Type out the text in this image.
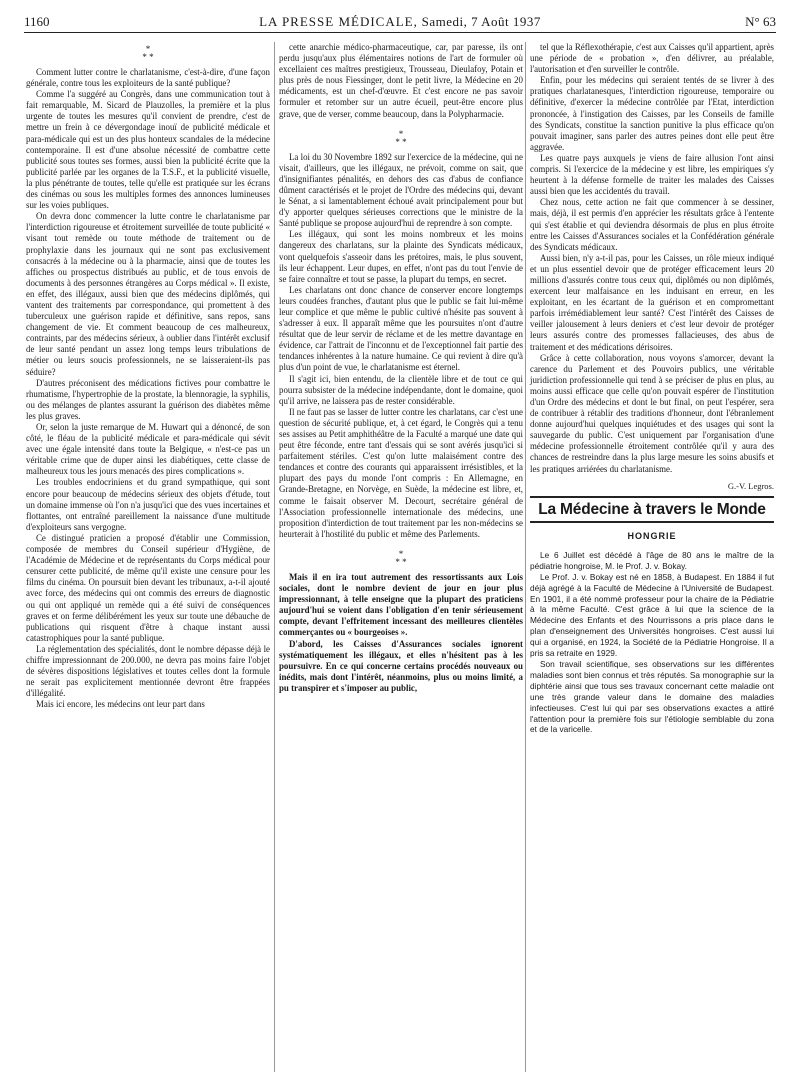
1160	LA PRESSE MÉDICALE, Samedi, 7 Août 1937	N° 63
*
* *

Comment lutter contre le charlatanisme, c'est-à-dire, d'une façon générale, contre tous les exploiteurs de la santé publique?

Comme l'a suggéré au Congrès, dans une communication tout à fait remarquable, M. Sicard de Plauzolles, la première et la plus urgente de toutes les mesures qu'il convient de prendre, c'est de mettre un frein à ce dévergondage inouï de publicité médicale et para-médicale qui est un des plus honteux scandales de la médecine contemporaine. Il est d'une absolue nécessité de combattre cette publicité sous toutes ses formes, aussi bien la publicité écrite que la publicité parlée par les organes de la T.S.F., et la publicité visuelle, la plus pénétrante de toutes, telle qu'elle est pratiquée sur les écrans des cinémas ou sous les multiples formes des annonces lumineuses sur les voies publiques.

On devra donc commencer la lutte contre le charlatanisme par l'interdiction rigoureuse et étroitement surveillée de toute publicité « visant tout remède ou toute méthode de traitement ou de prophylaxie dans les journaux qui ne sont pas exclusivement consacrés à la médecine ou à la pharmacie, ainsi que de toutes les affiches ou prospectus distribués au public, et de tous envois de documents à des personnes étrangères au Corps médical ». Il existe, en effet, des illégaux, aussi bien que des médecins diplômés, qui vantent des traitements par correspondance, qui promettent à des tuberculeux une guérison rapide et définitive, sans repos, sans changement de vie. Et comment beaucoup de ces malheureux, contraints, par des médecins sérieux, à oublier dans l'intérêt exclusif de leur santé pendant un assez long temps leurs tribulations de métier ou leurs soucis professionnels, ne se laisseraient-ils pas séduire?

D'autres préconisent des médications fictives pour combattre le rhumatisme, l'hypertrophie de la prostate, la blennoragie, la syphilis, ou des mélanges de plantes assurant la guérison des diabètes même les plus graves.

Or, selon la juste remarque de M. Huwart qui a dénoncé, de son côté, le fléau de la publicité médicale et para-médicale qui sévit avec une égale intensité dans toute la Belgique, « n'est-ce pas un véritable crime que de duper ainsi les diabétiques, cette classe de malheureux tous les jours menacés des pires complications ».

Les troubles endocriniens et du grand sympathique, qui sont encore pour beaucoup de médecins sérieux des objets d'étude, tout un domaine immense où l'on n'a jusqu'ici que des vues incertaines et flottantes, ont entraîné pareillement la naissance d'une multitude d'exploiteurs sans vergogne.

Ce distingué praticien a proposé d'établir une Commission, composée de membres du Conseil supérieur d'Hygiène, de l'Académie de Médecine et de représentants du Corps médical pour censurer cette publicité, de même qu'il existe une censure pour les films du cinéma. On poursuit bien devant les tribunaux, a-t-il ajouté avec force, des médecins qui ont commis des erreurs de diagnostic ou qui ont appliqué un remède qui a été suivi de conséquences graves et on ferme délibérément les yeux sur toute une débauche de publications qui risquent d'être à chaque instant aussi catastrophiques pour la santé publique.

La réglementation des spécialités, dont le nombre dépasse déjà le chiffre impressionnant de 200.000, ne devra pas moins faire l'objet de sévères dispositions législatives et toutes celles dont la formule ne serait pas explicitement mentionnée devront être frappées d'illégalité.

Mais ici encore, les médecins ont leur part dans

cette anarchie médico-pharmaceutique, car, par paresse, ils ont perdu jusqu'aux plus élémentaires notions de l'art de formuler où excellaient ces maîtres prestigieux, Trousseau, Dieulafoy, Potain et plus près de nous Fiessinger, dont le petit livre, la Médecine en 20 médicaments, est un chef-d'œuvre. Et c'est encore ne pas savoir formuler et retomber sur un autre écueil, peut-être encore plus grave, que de verser, comme beaucoup, dans la Polypharmacie.

*
* *

La loi du 30 Novembre 1892 sur l'exercice de la médecine, qui ne visait, d'ailleurs, que les illégaux, ne prévoit, comme on sait, que d'insignifiantes pénalités, en dehors des cas d'abus de confiance dûment caractérisés et le projet de l'Ordre des médecins qui, devant le Sénat, a si lamentablement échoué avait principalement pour but d'y apporter quelques sérieuses corrections que le ministre de la Santé publique se propose aujourd'hui de reprendre à son compte.

Les illégaux, qui sont les moins nombreux et les moins dangereux des charlatans, sur la plainte des Syndicats médicaux, vont quelquefois s'asseoir dans les prétoires, mais, le plus souvent, ils leur échappent. Leur dupes, en effet, n'ont pas du tout l'envie de se faire connaître et tout se passe, la plupart du temps, en secret.

Les charlatans ont donc chance de conserver encore longtemps leurs coudées franches, d'autant plus que le public se fait lui-même leur complice et que même le public cultivé n'hésite pas souvent à s'adresser à eux. Il apparaît même que les poursuites n'ont d'autre résultat que de leur servir de réclame et de les mettre davantage en évidence, car l'attrait de l'inconnu et de l'exceptionnel fait partie des tendances inhérentes à la nature humaine. Ce qui revient à dire qu'à plus d'un point de vue, le charlatanisme est éternel.

Il s'agit ici, bien entendu, de la clientèle libre et de tout ce qui pourra subsister de la médecine indépendante, dont le domaine, quoi qu'il arrive, ne laissera pas de rester considérable.

Il ne faut pas se lasser de lutter contre les charlatans, car c'est une question de sécurité publique, et, à cet égard, le Congrès qui a tenu ses assises au Petit amphithéâtre de la Faculté a marqué une date qui peut être féconde, entre tant d'essais qui se sont avérés jusqu'ici si parfaitement stériles. C'est qu'on lutte malaisément contre des tendances et contre des courants qui apparaissent irrésistibles, et la plupart des pays du monde l'ont compris : En Allemagne, en Grande-Bretagne, en Norvège, en Suède, la médecine est libre, et, comme le faisait observer M. Decourt, secrétaire général de l'Association professionnelle internationale des médecins, une proposition d'interdiction de tout traitement par les non-médecins se heurterait à l'hostilité du public et même des Parlements.

*
* *

Mais il en ira tout autrement des ressortissants aux Lois sociales, dont le nombre devient de jour en jour plus impressionnant, à telle enseigne que la plupart des praticiens aujourd'hui se voient dans l'obligation d'en tenir sérieusement compte, devant l'effritement incessant des meilleures clientèles commerçantes ou « bourgeoises ».

D'abord, les Caisses d'Assurances sociales ignorent systématiquement les illégaux, et elles n'hésitent pas à les poursuivre. En ce qui concerne certains procédés nouveaux ou inédits, mais dont l'intérêt, néanmoins, plus ou moins limité, a pu transpirer et s'imposer au public,

tel que la Réflexothérapie, c'est aux Caisses qu'il appartient, après une période de « probation », d'en délivrer, au préalable, l'autorisation et d'en surveiller le contrôle.

Enfin, pour les médecins qui seraient tentés de se livrer à des pratiques charlatanesques, l'interdiction rigoureuse, temporaire ou définitive, d'exercer la médecine contrôlée par l'Etat, interdiction prononcée, à l'instigation des Caisses, par les Conseils de famille des Syndicats, constitue la sanction punitive la plus efficace qu'on pouvait imaginer, sans parler des autres peines dont elle peut être aggravée.

Les quatre pays auxquels je viens de faire allusion l'ont ainsi compris. Si l'exercice de la médecine y est libre, les empiriques s'y heurtent à la défense formelle de traiter les malades des Caisses aussi bien que les accidentés du travail.

Chez nous, cette action ne fait que commencer à se dessiner, mais, déjà, il est permis d'en apprécier les résultats grâce à l'entente qui s'est établie et qui deviendra désormais de plus en plus étroite entre les Caisses d'Assurances sociales et la Confédération générale des Syndicats médicaux.

Aussi bien, n'y a-t-il pas, pour les Caisses, un rôle mieux indiqué et un plus essentiel devoir que de protéger efficacement leurs 20 millions d'assurés contre tous ceux qui, diplômés ou non diplômés, exercent leur malfaisance en les induisant en erreur, en les exploitant, en les écartant de la guérison et en compromettant parfois irrémédiablement leur santé? C'est l'intérêt des Caisses de veiller jalousement à leurs deniers et c'est leur devoir de protéger leurs assurés contre des promesses fallacieuses, des abus de traitement et des médications dérisoires.

Grâce à cette collaboration, nous voyons s'amorcer, devant la carence du Parlement et des Pouvoirs publics, une véritable juridiction professionnelle qui tend à se préciser de plus en plus, au moins aussi efficace que celle qu'on pouvait espérer de l'institution d'un Ordre des médecins et dont le but final, on peut l'espérer, sera de contribuer à rétablir des traditions d'honneur, dont l'ébranlement donne aujourd'hui quelques inquiétudes et des usages qui sont la sauvegarde du public. C'est uniquement par l'organisation d'une médecine professionnelle étroitement contrôlée qu'il y aura des chances de restreindre dans la plus large mesure les soins abusifs et les pratiques arriérées du charlatanisme.

G.-V. Legros.

La Médecine à travers le Monde
HONGRIE

Le 6 Juillet est décédé à l'âge de 80 ans le maître de la pédiatrie hongroise, M. le Prof. J. v. Bokay.

Le Prof. J. v. Bokay est né en 1858, à Budapest. En 1884 il fut déjà agrégé à la Faculté de Médecine à l'Université de Budapest. En 1901, il a été nommé professeur pour la chaire de la Pédiatrie à la même Faculté. C'est grâce à lui que la science de la Médecine des Enfants et des Nourrissons a pris place dans le plan d'enseignement des Universités hongroises. C'est aussi lui qui a organisé, en 1924, la Société de la Pédiatrie Hongroise. Il a pris sa retraite en 1929.

Son travail scientifique, ses observations sur les différentes maladies sont bien connus et très réputés. Sa monographie sur la diphtérie ainsi que tous ses travaux concernant cette maladie ont une très grande valeur dans le domaine des maladies infectieuses. C'est lui qui par ses observations exactes a attiré l'attention pour la première fois sur l'étiologie semblable du zona et de la varicelle.
